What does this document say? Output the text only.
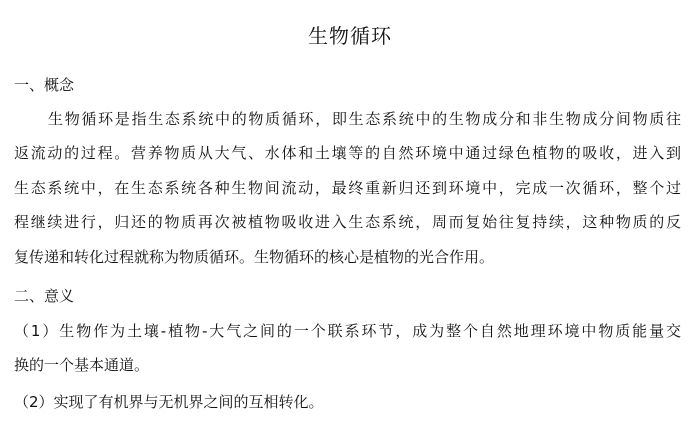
生物循环
一、概念
生物循环是指生态系统中的物质循环，即生态系统中的生物成分和非生物成分间物质往
返流动的过程。营养物质从大气、水体和土壤等的自然环境中通过绿色植物的吸收，进入到
生态系统中，在生态系统各种生物间流动，最终重新归还到环境中，完成一次循环，整个过
程继续进行，归还的物质再次被植物吸收进入生态系统，周而复始往复持续，这种物质的反
复传递和转化过程就称为物质循环。生物循环的核心是植物的光合作用。
二、意义
（1）生物作为土壤-植物-大气之间的一个联系环节，成为整个自然地理环境中物质能量交
换的一个基本通道。
（2）实现了有机界与无机界之间的互相转化。
